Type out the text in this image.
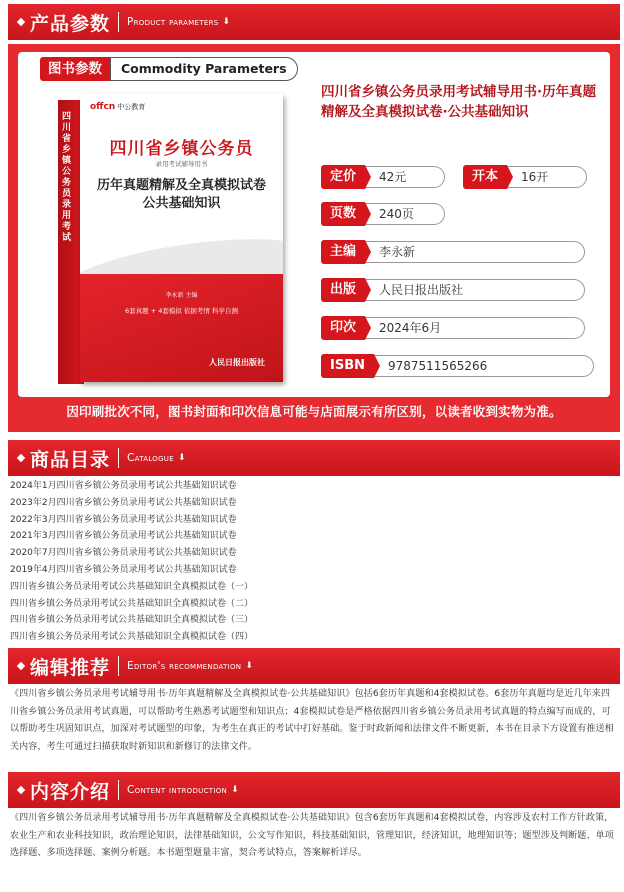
产品参数 Product parameters ⬇
图书参数	Commodity Parameters
四川省乡镇公务员录用考试
offcn 中公教育
四川省乡镇公务员
录用考试辅导用书
历年真题精解及全真模拟试卷
公共基础知识
李永新 主编
6套真题 + 4套模拟 依据考情 科学自测
人民日报出版社
四川省乡镇公务员录用考试辅导用书·历年真题精解及全真模拟试卷·公共基础知识
定价	42元	开本	16开
页数	240页
主编	李永新
出版	人民日报出版社
印次	2024年6月
ISBN	9787511565266
因印刷批次不同，图书封面和印次信息可能与店面展示有所区别，以读者收到实物为准。
商品目录 Catalogue ⬇
2024年1月四川省乡镇公务员录用考试公共基础知识试卷
2023年2月四川省乡镇公务员录用考试公共基础知识试卷
2022年3月四川省乡镇公务员录用考试公共基础知识试卷
2021年3月四川省乡镇公务员录用考试公共基础知识试卷
2020年7月四川省乡镇公务员录用考试公共基础知识试卷
2019年4月四川省乡镇公务员录用考试公共基础知识试卷
四川省乡镇公务员录用考试公共基础知识全真模拟试卷（一）
四川省乡镇公务员录用考试公共基础知识全真模拟试卷（二）
四川省乡镇公务员录用考试公共基础知识全真模拟试卷（三）
四川省乡镇公务员录用考试公共基础知识全真模拟试卷（四）
编辑推荐 Editor's recommendation ⬇
《四川省乡镇公务员录用考试辅导用书·历年真题精解及全真模拟试卷·公共基础知识》包括6套历年真题和4套模拟试卷。6套历年真题均是近几年来四川省乡镇公务员录用考试真题，可以帮助考生熟悉考试题型和知识点；4套模拟试卷是严格依据四川省乡镇公务员录用考试真题的特点编写而成的，可以帮助考生巩固知识点，加深对考试题型的印象，为考生在真正的考试中打好基础。鉴于时政新闻和法律文件不断更新，本书在目录下方设置有推送相关内容，考生可通过扫描获取时新知识和新修订的法律文件。
内容介绍 Content introduction ⬇
《四川省乡镇公务员录用考试辅导用书·历年真题精解及全真模拟试卷·公共基础知识》包含6套历年真题和4套模拟试卷，内容涉及农村工作方针政策，农业生产和农业科技知识，政治理论知识，法律基础知识，公文写作知识，科技基础知识，管理知识，经济知识，地理知识等；题型涉及判断题、单项选择题、多项选择题、案例分析题。本书题型题量丰富，契合考试特点，答案解析详尽。
